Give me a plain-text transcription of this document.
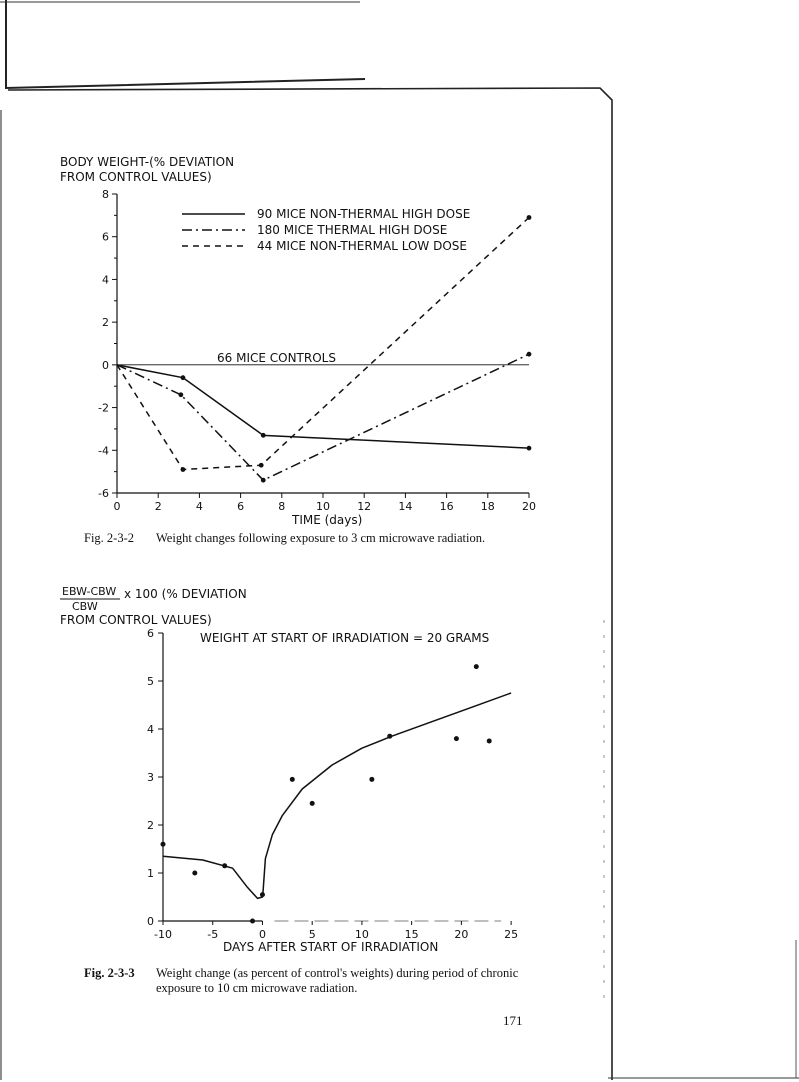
BODY WEIGHT-(% DEVIATION
FROM CONTROL VALUES)
-6
-4
-2
0
2
4
6
8
0	2	4	6	8	10 12 14 16 18 20
90 MICE NON-THERMAL HIGH DOSE
180 MICE THERMAL HIGH DOSE
44 MICE NON-THERMAL LOW DOSE
66 MICE CONTROLS
TIME (days)
Fig. 2-3-2 Weight changes following exposure to 3 cm microwave radiation.
EBW-CBW
CBW
x 100 (% DEVIATION
FROM CONTROL VALUES)
WEIGHT AT START OF IRRADIATION = 20 GRAMS
0
1
2
3
4
5
6
-10	-5	0	5	10	15	20	25
DAYS AFTER START OF IRRADIATION
Fig. 2-3-3 Weight change (as percent of control's weights) during period of chronic exposure to 10 cm microwave radiation.
171
